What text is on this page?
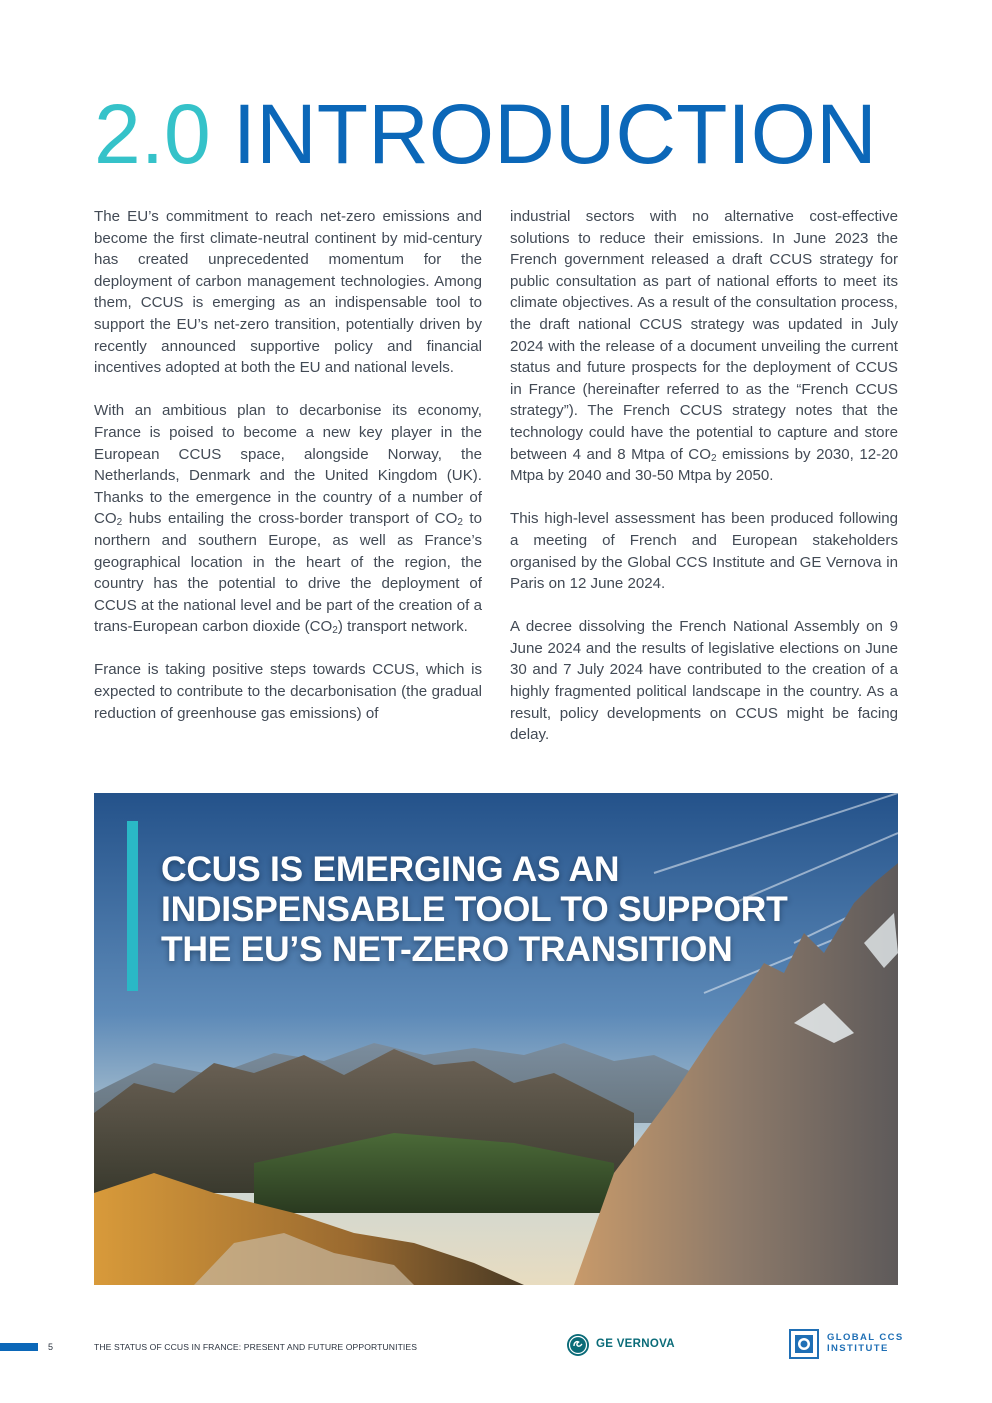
2.0 INTRODUCTION

The EU’s commitment to reach net-zero emissions and become the first climate-neutral continent by mid-century has created unprecedented momentum for the deployment of carbon management technologies. Among them, CCUS is emerging as an indispensable tool to support the EU’s net-zero transition, potentially driven by recently announced supportive policy and financial incentives adopted at both the EU and national levels.

With an ambitious plan to decarbonise its economy, France is poised to become a new key player in the European CCUS space, alongside Norway, the Netherlands, Denmark and the United Kingdom (UK). Thanks to the emergence in the country of a number of $CO_2$ hubs entailing the cross-border transport of $CO_2$ to northern and southern Europe, as well as France’s geographical location in the heart of the region, the country has the potential to drive the deployment of CCUS at the national level and be part of the creation of a trans-European carbon dioxide $(CO_2)$ transport network.

France is taking positive steps towards CCUS, which is expected to contribute to the decarbonisation (the gradual reduction of greenhouse gas emissions) of

industrial sectors with no alternative cost-effective solutions to reduce their emissions. In June 2023 the French government released a draft CCUS strategy for public consultation as part of national efforts to meet its climate objectives. As a result of the consultation process, the draft national CCUS strategy was updated in July 2024 with the release of a document unveiling the current status and future prospects for the deployment of CCUS in France (hereinafter referred to as the “French CCUS strategy”). The French CCUS strategy notes that the technology could have the potential to capture and store between 4 and 8 Mtpa of $CO_2$ emissions by 2030, 12-20 Mtpa by 2040 and 30-50 Mtpa by 2050.

This high-level assessment has been produced following a meeting of French and European stakeholders organised by the Global CCS Institute and GE Vernova in Paris on 12 June 2024.

A decree dissolving the French National Assembly on 9 June 2024 and the results of legislative elections on June 30 and 7 July 2024 have contributed to the creation of a highly fragmented political landscape in the country. As a result, policy developments on CCUS might be facing delay.

CCUS IS EMERGING AS AN
INDISPENSABLE TOOL TO SUPPORT
THE EU’S NET-ZERO TRANSITION
5	THE STATUS OF CCUS IN FRANCE: PRESENT AND FUTURE OPPORTUNITIES	GE VERNOVA
GLOBAL CCS
INSTITUTE
